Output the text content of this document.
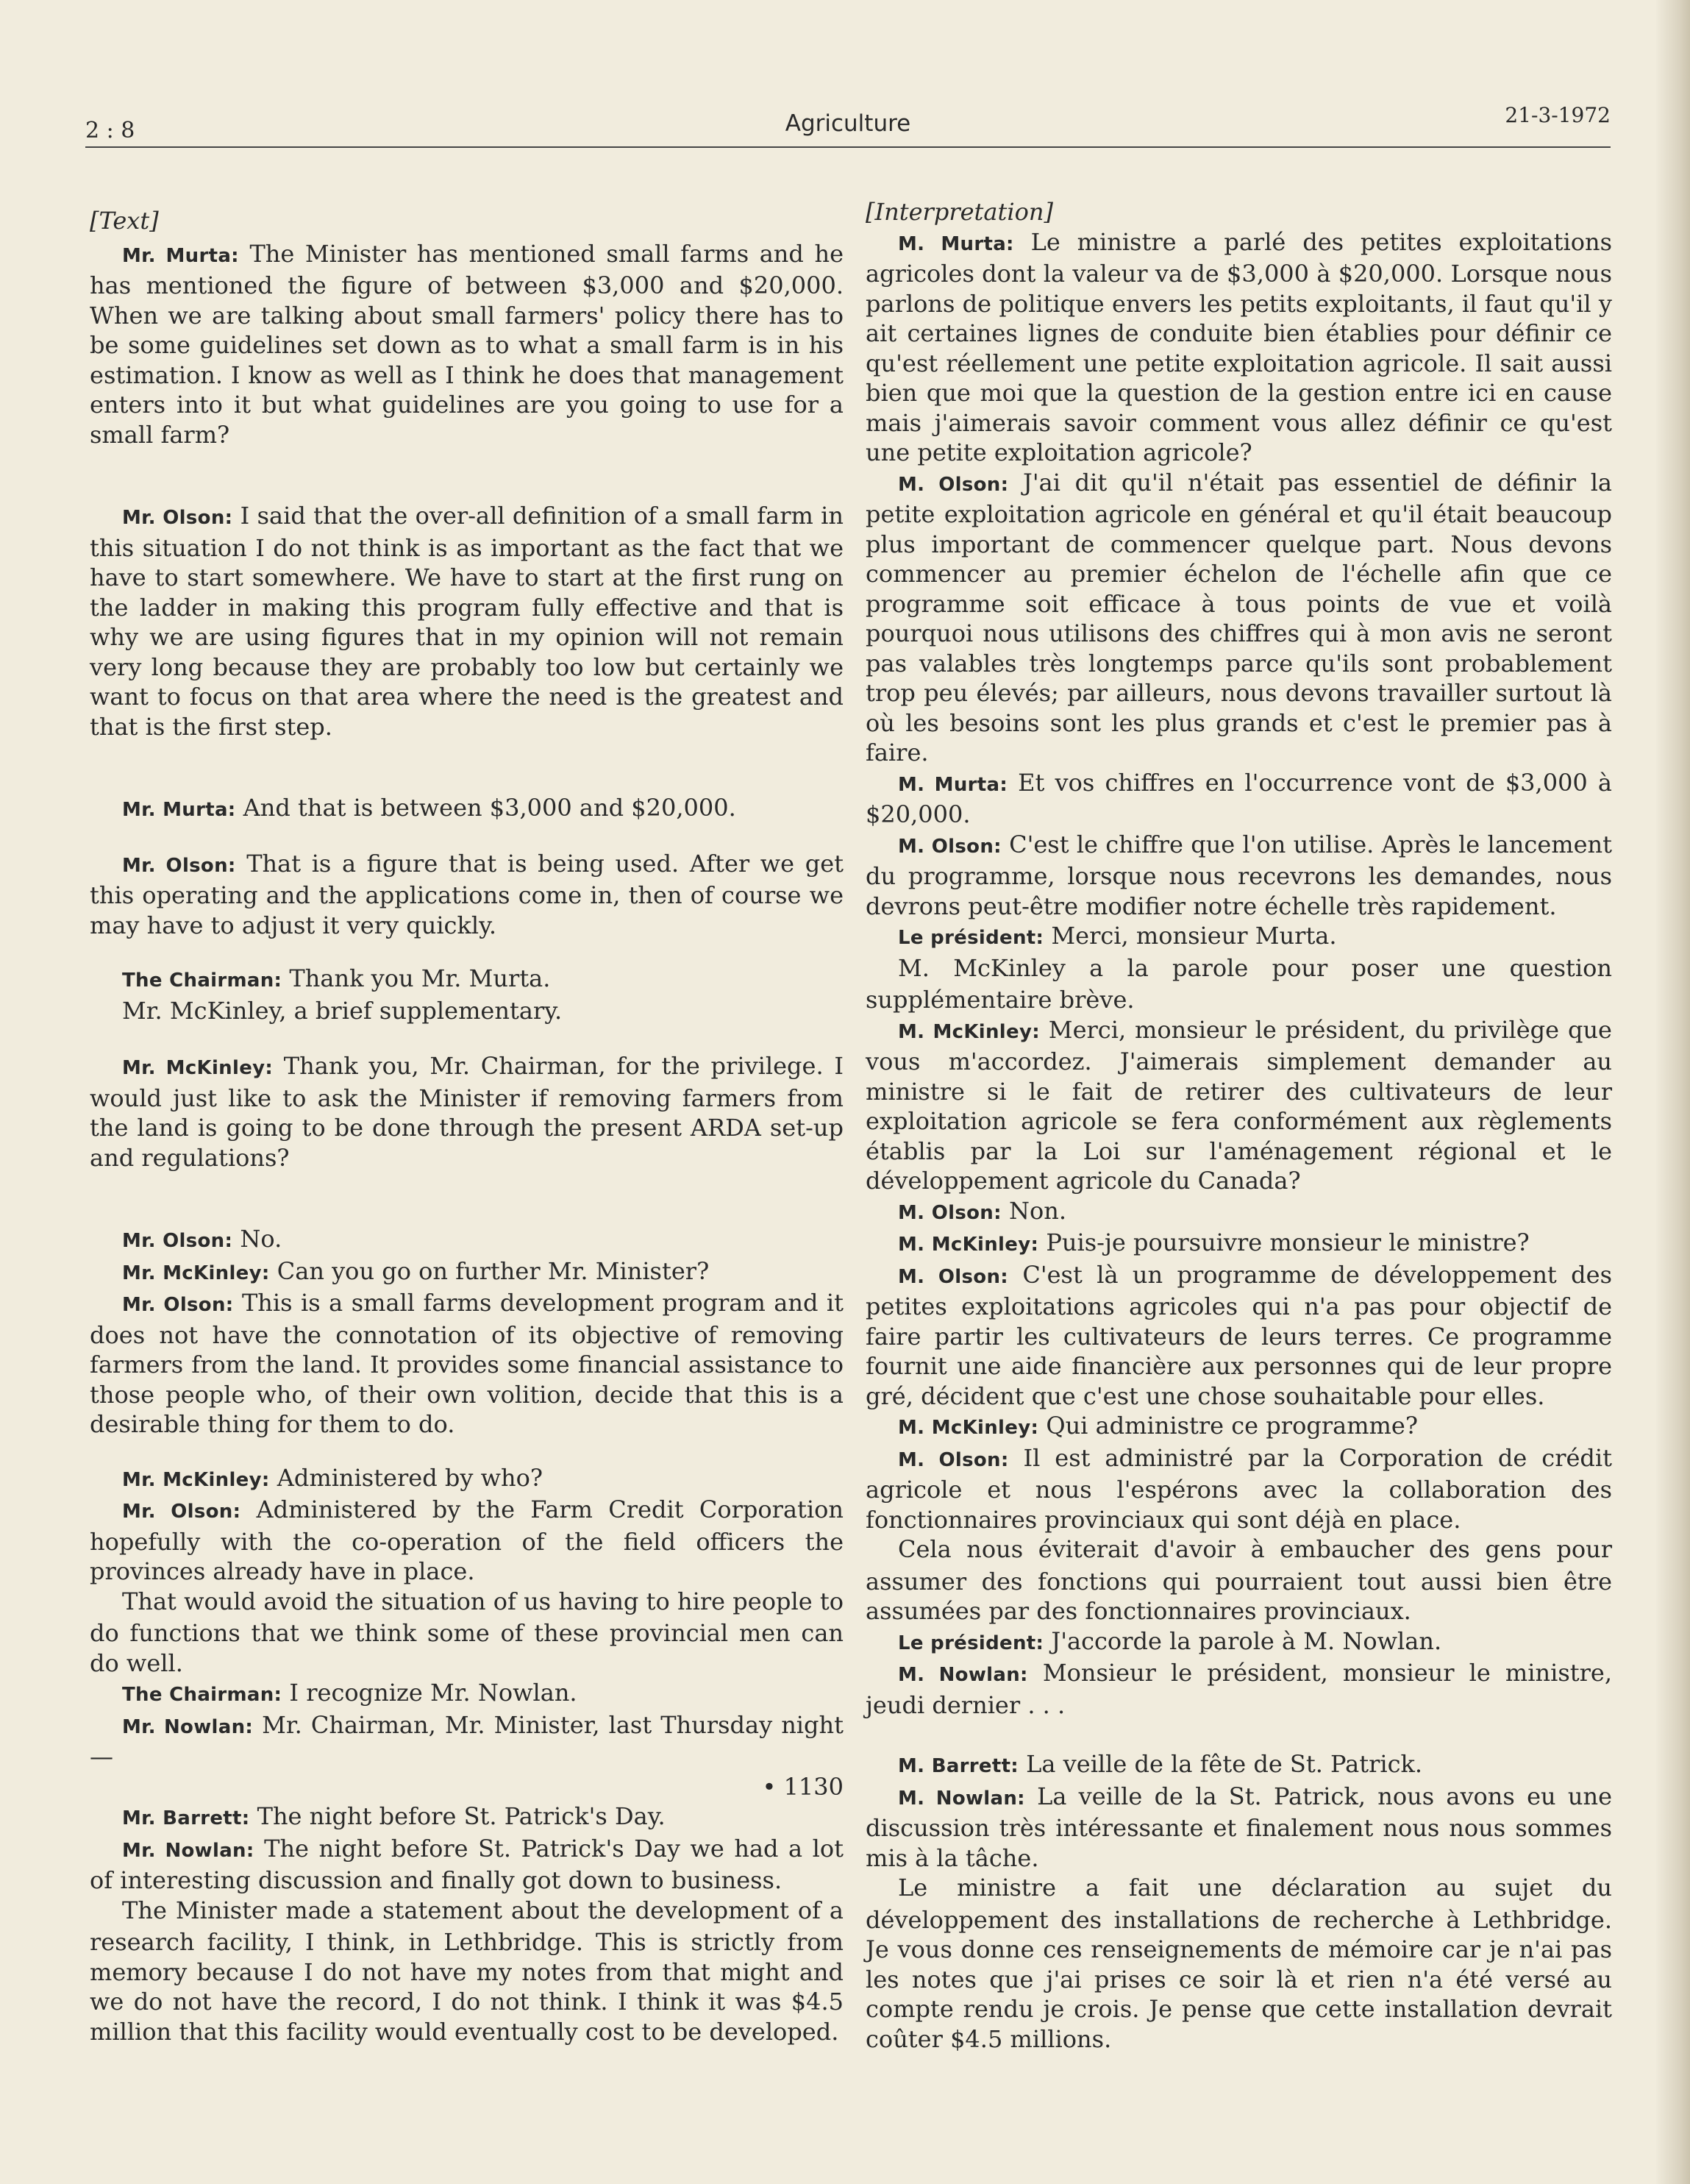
2 : 8	Agriculture	21-3-1972

[Text]

Mr. Murta: The Minister has mentioned small farms and he has mentioned the figure of between $3,000 and $20,000. When we are talking about small farmers' policy there has to be some guidelines set down as to what a small farm is in his estimation. I know as well as I think he does that management enters into it but what guidelines are you going to use for a small farm?

Mr. Olson: I said that the over-all definition of a small farm in this situation I do not think is as important as the fact that we have to start somewhere. We have to start at the first rung on the ladder in making this program fully effective and that is why we are using figures that in my opinion will not remain very long because they are probably too low but certainly we want to focus on that area where the need is the greatest and that is the first step.

Mr. Murta: And that is between $3,000 and $20,000.

Mr. Olson: That is a figure that is being used. After we get this operating and the applications come in, then of course we may have to adjust it very quickly.

The Chairman: Thank you Mr. Murta.

Mr. McKinley, a brief supplementary.

Mr. McKinley: Thank you, Mr. Chairman, for the privilege. I would just like to ask the Minister if removing farmers from the land is going to be done through the present ARDA set-up and regulations?

Mr. Olson: No.

Mr. McKinley: Can you go on further Mr. Minister?

Mr. Olson: This is a small farms development program and it does not have the connotation of its objective of removing farmers from the land. It provides some financial assistance to those people who, of their own volition, decide that this is a desirable thing for them to do.

Mr. McKinley: Administered by who?

Mr. Olson: Administered by the Farm Credit Corporation hopefully with the co-operation of the field officers the provinces already have in place.

That would avoid the situation of us having to hire people to do functions that we think some of these provincial men can do well.

The Chairman: I recognize Mr. Nowlan.

Mr. Nowlan: Mr. Chairman, Mr. Minister, last Thursday night—

• 1130

Mr. Barrett: The night before St. Patrick's Day.

Mr. Nowlan: The night before St. Patrick's Day we had a lot of interesting discussion and finally got down to business.

The Minister made a statement about the development of a research facility, I think, in Lethbridge. This is strictly from memory because I do not have my notes from that might and we do not have the record, I do not think. I think it was $4.5 million that this facility would eventually cost to be developed.

[Interpretation]

M. Murta: Le ministre a parlé des petites exploitations agricoles dont la valeur va de $3,000 à $20,000. Lorsque nous parlons de politique envers les petits exploitants, il faut qu'il y ait certaines lignes de conduite bien établies pour définir ce qu'est réellement une petite exploitation agricole. Il sait aussi bien que moi que la question de la gestion entre ici en cause mais j'aimerais savoir comment vous allez définir ce qu'est une petite exploitation agricole?

M. Olson: J'ai dit qu'il n'était pas essentiel de définir la petite exploitation agricole en général et qu'il était beaucoup plus important de commencer quelque part. Nous devons commencer au premier échelon de l'échelle afin que ce programme soit efficace à tous points de vue et voilà pourquoi nous utilisons des chiffres qui à mon avis ne seront pas valables très longtemps parce qu'ils sont probablement trop peu élevés; par ailleurs, nous devons travailler surtout là où les besoins sont les plus grands et c'est le premier pas à faire.

M. Murta: Et vos chiffres en l'occurrence vont de $3,000 à $20,000.

M. Olson: C'est le chiffre que l'on utilise. Après le lancement du programme, lorsque nous recevrons les demandes, nous devrons peut-être modifier notre échelle très rapidement.

Le président: Merci, monsieur Murta.

M. McKinley a la parole pour poser une question supplémentaire brève.

M. McKinley: Merci, monsieur le président, du privilège que vous m'accordez. J'aimerais simplement demander au ministre si le fait de retirer des cultivateurs de leur exploitation agricole se fera conformément aux règlements établis par la Loi sur l'aménagement régional et le développement agricole du Canada?

M. Olson: Non.

M. McKinley: Puis-je poursuivre monsieur le ministre?

M. Olson: C'est là un programme de développement des petites exploitations agricoles qui n'a pas pour objectif de faire partir les cultivateurs de leurs terres. Ce programme fournit une aide financière aux personnes qui de leur propre gré, décident que c'est une chose souhaitable pour elles.

M. McKinley: Qui administre ce programme?

M. Olson: Il est administré par la Corporation de crédit agricole et nous l'espérons avec la collaboration des fonctionnaires provinciaux qui sont déjà en place.

Cela nous éviterait d'avoir à embaucher des gens pour assumer des fonctions qui pourraient tout aussi bien être assumées par des fonctionnaires provinciaux.

Le président: J'accorde la parole à M. Nowlan.

M. Nowlan: Monsieur le président, monsieur le ministre, jeudi dernier . . .

M. Barrett: La veille de la fête de St. Patrick.

M. Nowlan: La veille de la St. Patrick, nous avons eu une discussion très intéressante et finalement nous nous sommes mis à la tâche.

Le ministre a fait une déclaration au sujet du développement des installations de recherche à Lethbridge. Je vous donne ces renseignements de mémoire car je n'ai pas les notes que j'ai prises ce soir là et rien n'a été versé au compte rendu je crois. Je pense que cette installation devrait coûter $4.5 millions.
